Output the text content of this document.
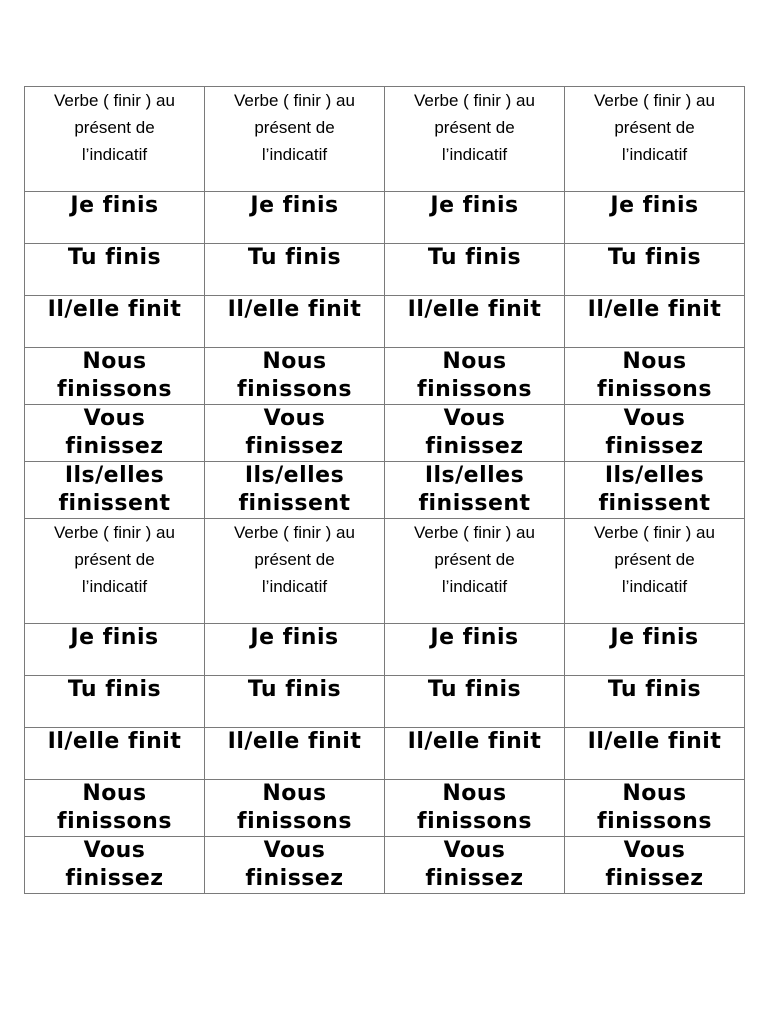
Verbe ( finir ) au
présent de
l’indicatif	Verbe ( finir ) au
présent de
l’indicatif	Verbe ( finir ) au
présent de
l’indicatif	Verbe ( finir ) au
présent de
l’indicatif

Je finis	Je finis	Je finis	Je finis

Tu finis	Tu finis	Tu finis	Tu finis

Il/elle finit	Il/elle finit	Il/elle finit	Il/elle finit

Nous
finissons	Nous
finissons	Nous
finissons	Nous
finissons

Vous
finissez	Vous
finissez	Vous
finissez	Vous
finissez

Ils/elles
finissent	Ils/elles
finissent	Ils/elles
finissent	Ils/elles
finissent

Verbe ( finir ) au
présent de
l’indicatif	Verbe ( finir ) au
présent de
l’indicatif	Verbe ( finir ) au
présent de
l’indicatif	Verbe ( finir ) au
présent de
l’indicatif

Je finis	Je finis	Je finis	Je finis

Tu finis	Tu finis	Tu finis	Tu finis

Il/elle finit	Il/elle finit	Il/elle finit	Il/elle finit

Nous
finissons	Nous
finissons	Nous
finissons	Nous
finissons

Vous
finissez	Vous
finissez	Vous
finissez	Vous
finissez
